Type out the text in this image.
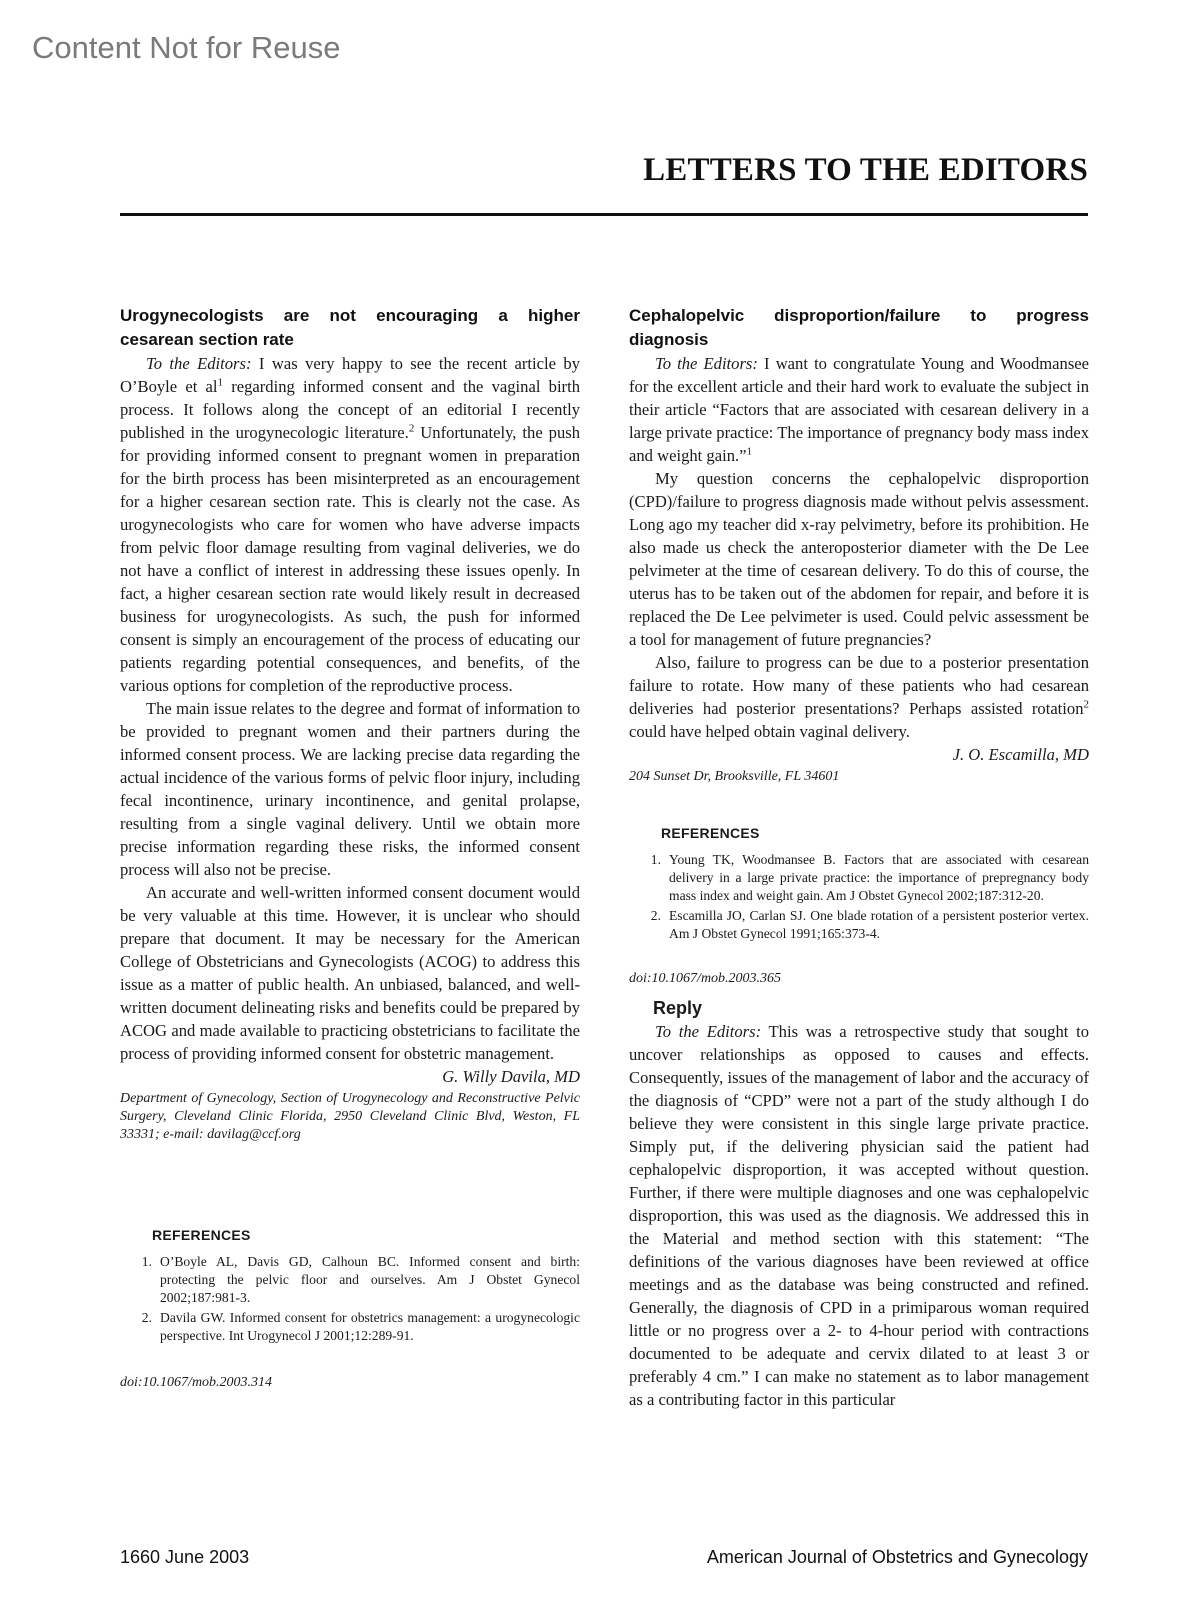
Content Not for Reuse
LETTERS TO THE EDITORS
Urogynecologists are not encouraging a higher cesarean section rate

To the Editors: I was very happy to see the recent article by O’Boyle et $al^1$ regarding informed consent and the vaginal birth process. It follows along the concept of an editorial I recently published in the urogynecologic literature.$^2$ Unfortunately, the push for providing informed consent to pregnant women in preparation for the birth process has been misinterpreted as an encouragement for a higher cesarean section rate. This is clearly not the case. As urogynecologists who care for women who have adverse impacts from pelvic floor damage resulting from vaginal deliveries, we do not have a conflict of interest in addressing these issues openly. In fact, a higher cesarean section rate would likely result in decreased business for urogynecologists. As such, the push for informed consent is simply an encouragement of the process of educating our patients regarding potential consequences, and benefits, of the various options for completion of the reproductive process.

The main issue relates to the degree and format of information to be provided to pregnant women and their partners during the informed consent process. We are lacking precise data regarding the actual incidence of the various forms of pelvic floor injury, including fecal incontinence, urinary incontinence, and genital prolapse, resulting from a single vaginal delivery. Until we obtain more precise information regarding these risks, the informed consent process will also not be precise.

An accurate and well-written informed consent document would be very valuable at this time. However, it is unclear who should prepare that document. It may be necessary for the American College of Obstetricians and Gynecologists (ACOG) to address this issue as a matter of public health. An unbiased, balanced, and well-written document delineating risks and benefits could be prepared by ACOG and made available to practicing obstetricians to facilitate the process of providing informed consent for obstetric management.

G. Willy Davila, MD

Department of Gynecology, Section of Urogynecology and Reconstructive Pelvic Surgery, Cleveland Clinic Florida, 2950 Cleveland Clinic Blvd, Weston, FL 33331; e-mail: davilag@ccf.org

REFERENCES

1. O’Boyle AL, Davis GD, Calhoun BC. Informed consent and birth: protecting the pelvic floor and ourselves. Am J Obstet Gynecol 2002;187:981-3.
2. Davila GW. Informed consent for obstetrics management: a urogynecologic perspective. Int Urogynecol J 2001;12:289-91.

doi:10.1067/mob.2003.314

Cephalopelvic disproportion/failure to progress diagnosis

To the Editors: I want to congratulate Young and Woodmansee for the excellent article and their hard work to evaluate the subject in their article “Factors that are associated with cesarean delivery in a large private practice: The importance of pregnancy body mass index and weight gain.”$^1$

My question concerns the cephalopelvic disproportion (CPD)/failure to progress diagnosis made without pelvis assessment. Long ago my teacher did x-ray pelvimetry, before its prohibition. He also made us check the anteroposterior diameter with the De Lee pelvimeter at the time of cesarean delivery. To do this of course, the uterus has to be taken out of the abdomen for repair, and before it is replaced the De Lee pelvimeter is used. Could pelvic assessment be a tool for management of future pregnancies?

Also, failure to progress can be due to a posterior presentation failure to rotate. How many of these patients who had cesarean deliveries had posterior presentations? Perhaps assisted rotation$^2$ could have helped obtain vaginal delivery.

J. O. Escamilla, MD

204 Sunset Dr, Brooksville, FL 34601

REFERENCES

1. Young TK, Woodmansee B. Factors that are associated with cesarean delivery in a large private practice: the importance of prepregnancy body mass index and weight gain. Am J Obstet Gynecol 2002;187:312-20.
2. Escamilla JO, Carlan SJ. One blade rotation of a persistent posterior vertex. Am J Obstet Gynecol 1991;165:373-4.

doi:10.1067/mob.2003.365

Reply

To the Editors: This was a retrospective study that sought to uncover relationships as opposed to causes and effects. Consequently, issues of the management of labor and the accuracy of the diagnosis of “CPD” were not a part of the study although I do believe they were consistent in this single large private practice. Simply put, if the delivering physician said the patient had cephalopelvic disproportion, it was accepted without question. Further, if there were multiple diagnoses and one was cephalopelvic disproportion, this was used as the diagnosis. We addressed this in the Material and method section with this statement: “The definitions of the various diagnoses have been reviewed at office meetings and as the database was being constructed and refined. Generally, the diagnosis of CPD in a primiparous woman required little or no progress over a 2- to 4-hour period with contractions documented to be adequate and cervix dilated to at least 3 or preferably 4 cm.” I can make no statement as to labor management as a contributing factor in this particular

1660 June 2003	American Journal of Obstetrics and Gynecology
